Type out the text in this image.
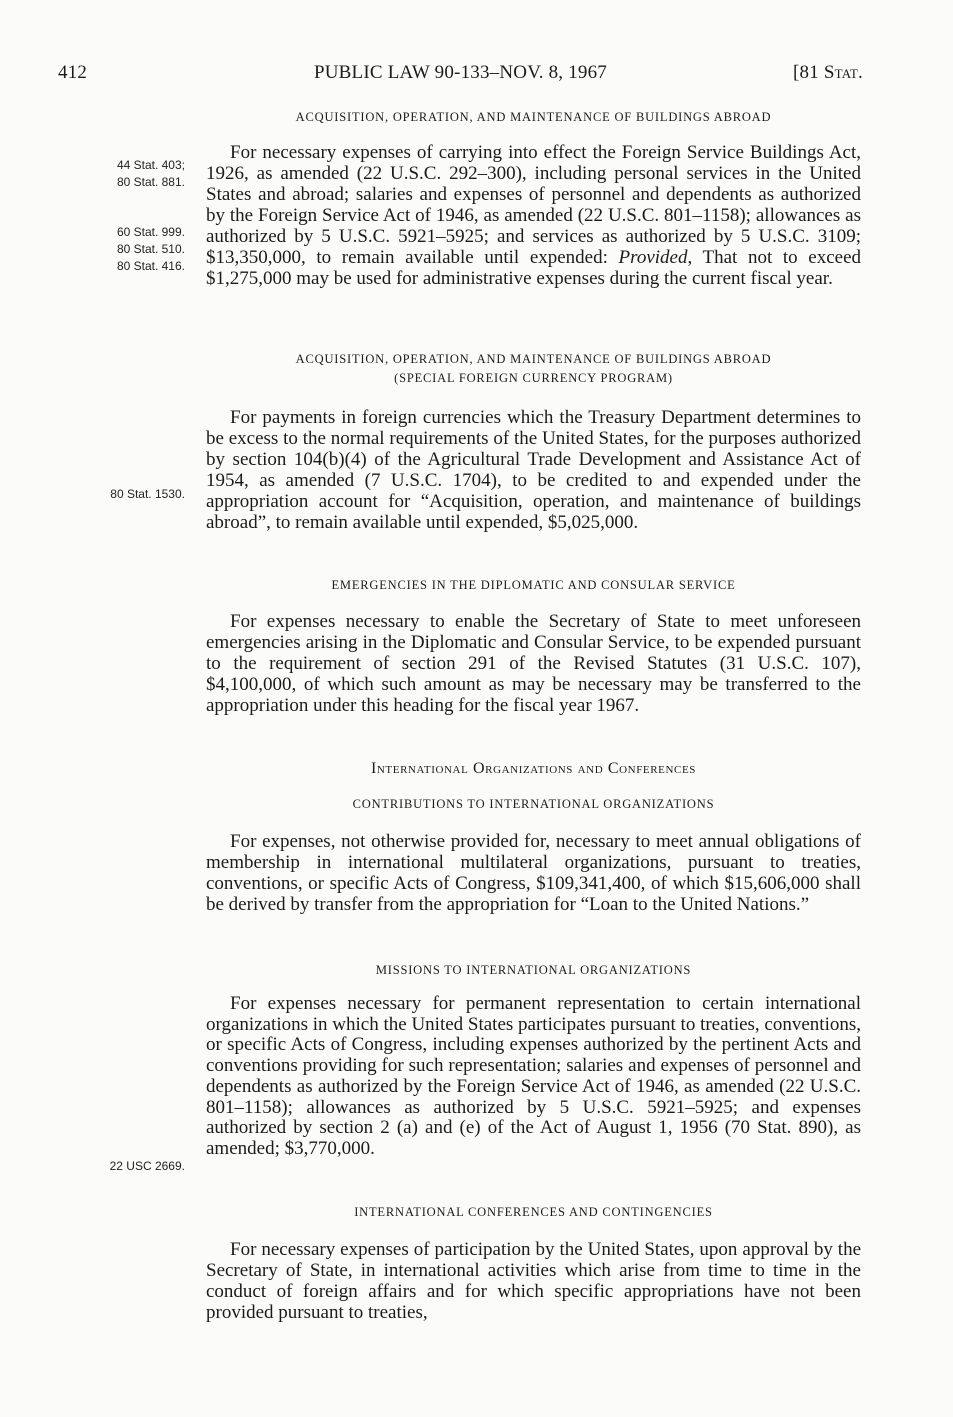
412	PUBLIC LAW 90-133–NOV. 8, 1967	[81 Stat.
ACQUISITION, OPERATION, AND MAINTENANCE OF BUILDINGS ABROAD

For necessary expenses of carrying into effect the Foreign Service Buildings Act, 1926, as amended (22 U.S.C. 292–300), including personal services in the United States and abroad; salaries and expenses of personnel and dependents as authorized by the Foreign Service Act of 1946, as amended (22 U.S.C. 801–1158); allowances as authorized by 5 U.S.C. 5921–5925; and services as authorized by 5 U.S.C. 3109; $13,350,000, to remain available until expended: Provided, That not to exceed $1,275,000 may be used for administrative expenses during the current fiscal year.

ACQUISITION, OPERATION, AND MAINTENANCE OF BUILDINGS ABROAD
(SPECIAL FOREIGN CURRENCY PROGRAM)

For payments in foreign currencies which the Treasury Department determines to be excess to the normal requirements of the United States, for the purposes authorized by section 104(b)(4) of the Agricultural Trade Development and Assistance Act of 1954, as amended (7 U.S.C. 1704), to be credited to and expended under the appropriation account for “Acquisition, operation, and maintenance of buildings abroad”, to remain available until expended, $5,025,000.

EMERGENCIES IN THE DIPLOMATIC AND CONSULAR SERVICE

For expenses necessary to enable the Secretary of State to meet unforeseen emergencies arising in the Diplomatic and Consular Service, to be expended pursuant to the requirement of section 291 of the Revised Statutes (31 U.S.C. 107), $4,100,000, of which such amount as may be necessary may be transferred to the appropriation under this heading for the fiscal year 1967.

International Organizations and Conferences
CONTRIBUTIONS TO INTERNATIONAL ORGANIZATIONS

For expenses, not otherwise provided for, necessary to meet annual obligations of membership in international multilateral organizations, pursuant to treaties, conventions, or specific Acts of Congress, $109,341,400, of which $15,606,000 shall be derived by transfer from the appropriation for “Loan to the United Nations.”

MISSIONS TO INTERNATIONAL ORGANIZATIONS

For expenses necessary for permanent representation to certain international organizations in which the United States participates pursuant to treaties, conventions, or specific Acts of Congress, including expenses authorized by the pertinent Acts and conventions providing for such representation; salaries and expenses of personnel and dependents as authorized by the Foreign Service Act of 1946, as amended (22 U.S.C. 801–1158); allowances as authorized by 5 U.S.C. 5921–5925; and expenses authorized by section 2 (a) and (e) of the Act of August 1, 1956 (70 Stat. 890), as amended; $3,770,000.

INTERNATIONAL CONFERENCES AND CONTINGENCIES

For necessary expenses of participation by the United States, upon approval by the Secretary of State, in international activities which arise from time to time in the conduct of foreign affairs and for which specific appropriations have not been provided pursuant to treaties,

44 Stat. 403;
80 Stat. 881.
60 Stat. 999.
80 Stat. 510.
80 Stat. 416.
80 Stat. 1530.
22 USC 2669.
